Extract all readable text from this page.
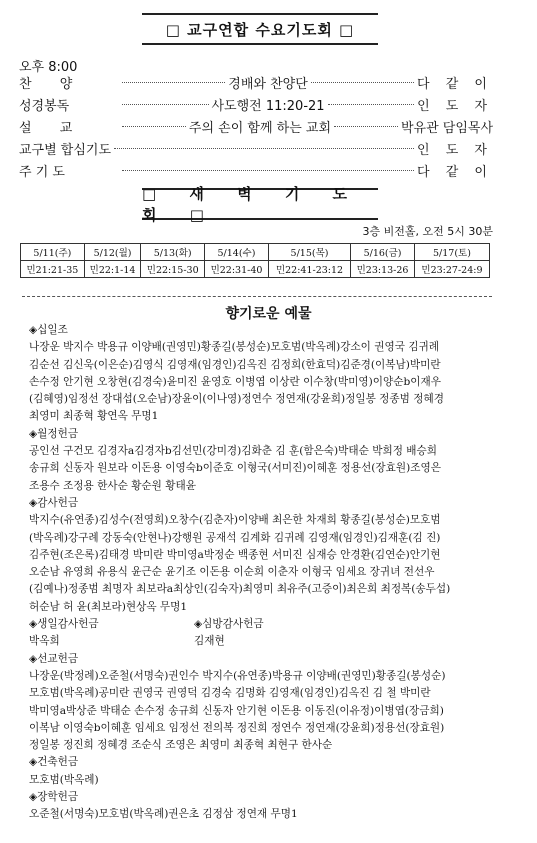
□ 교구연합 수요기도회 □
오후 8:00
찬 양	경배와 찬양단	다 같 이
성경봉독	사도행전 11:20-21	인 도 자
설 교	주의 손이 함께 하는 교회	박유관 담임목사
교구별 합심기도	인 도 자
주 기 도	다 같 이
□ 새 벽 기 도 회 □
3층 비전홀, 오전 5시 30분
5/11(주)	5/12(월)	5/13(화)	5/14(수)	5/15(목)	5/16(금)	5/17(토)
민21:21-35	민22:1-14	민22:15-30	민22:31-40	민22:41-23:12	민23:13-26	민23:27-24:9
향기로운 예물
◈십일조
나장운 박지수 박용규 이양배(권영민)황종길(봉성순)모호범(박옥례)강소이 권영국 김귀례
김순선 김신욱(이은순)김영식 김영재(임경인)김옥진 김정희(한효덕)김준경(이복남)박미란
손수정 안기현 오창현(김경숙)윤미진 윤영호 이병엽 이상란 이수창(박미영)이양순b이재우
(김혜영)임정선 장대섭(오순남)장윤이(이나영)정연수 정연재(강윤희)정일봉 정종범 정혜경
최영미 최종혁 황연옥 무명1
◈월정헌금
공인선 구건모 김경자a김경자b김선민(강미경)김화춘 김 훈(함은숙)박태순 박희정 배승희
송규희 신동자 원보라 이돈용 이영숙b이준호 이형국(서미진)이혜훈 정용선(장효원)조영은
조용수 조정용 한사순 황순원 황태윤
◈감사헌금
박지수(유연종)김성수(전영희)오창수(김춘자)이양배 최은한 차재희 황종길(봉성순)모호범
(박옥례)강구례 강동숙(안현나)강행원 공재석 김계화 김귀례 김영재(임경인)김재훈(김 진)
김주현(조은록)김태경 박미란 박미영a박정순 백종현 서미진 심재승 안경환(김연순)안기현
오순남 유영희 유용식 윤근순 윤기조 이돈용 이순희 이춘자 이형국 임세요 장귀녀 전선우
(김예나)정종범 최명자 최보라a최상인(김숙자)최영미 최유주(고증이)최은희 최정복(송두섭)
허순남 허 윤(최보라)현상옥 무명1
◈생일감사헌금	◈심방감사헌금
박옥희	김재현
◈선교헌금
나장운(박정례)오준철(서명숙)권인수 박지수(유연종)박용규 이양배(권영민)황종길(봉성순)
모호범(박옥례)공미란 권영국 권영덕 김경숙 김명화 김영재(임경인)김옥진 김 철 박미란
박미영a박상준 박태순 손수정 송규희 신동자 안기현 이돈용 이동진(이유정)이병엽(장금희)
이복남 이영숙b이혜훈 임세요 임정선 전의복 정진희 정연수 정연재(강윤희)정용선(장효원)
정일봉 정진희 정혜경 조순식 조영은 최영미 최종혁 최현구 한사순
◈건축헌금
모호범(박옥례)
◈장학헌금
오준철(서명숙)모호범(박옥례)권은초 김정삼 정연재 무명1
